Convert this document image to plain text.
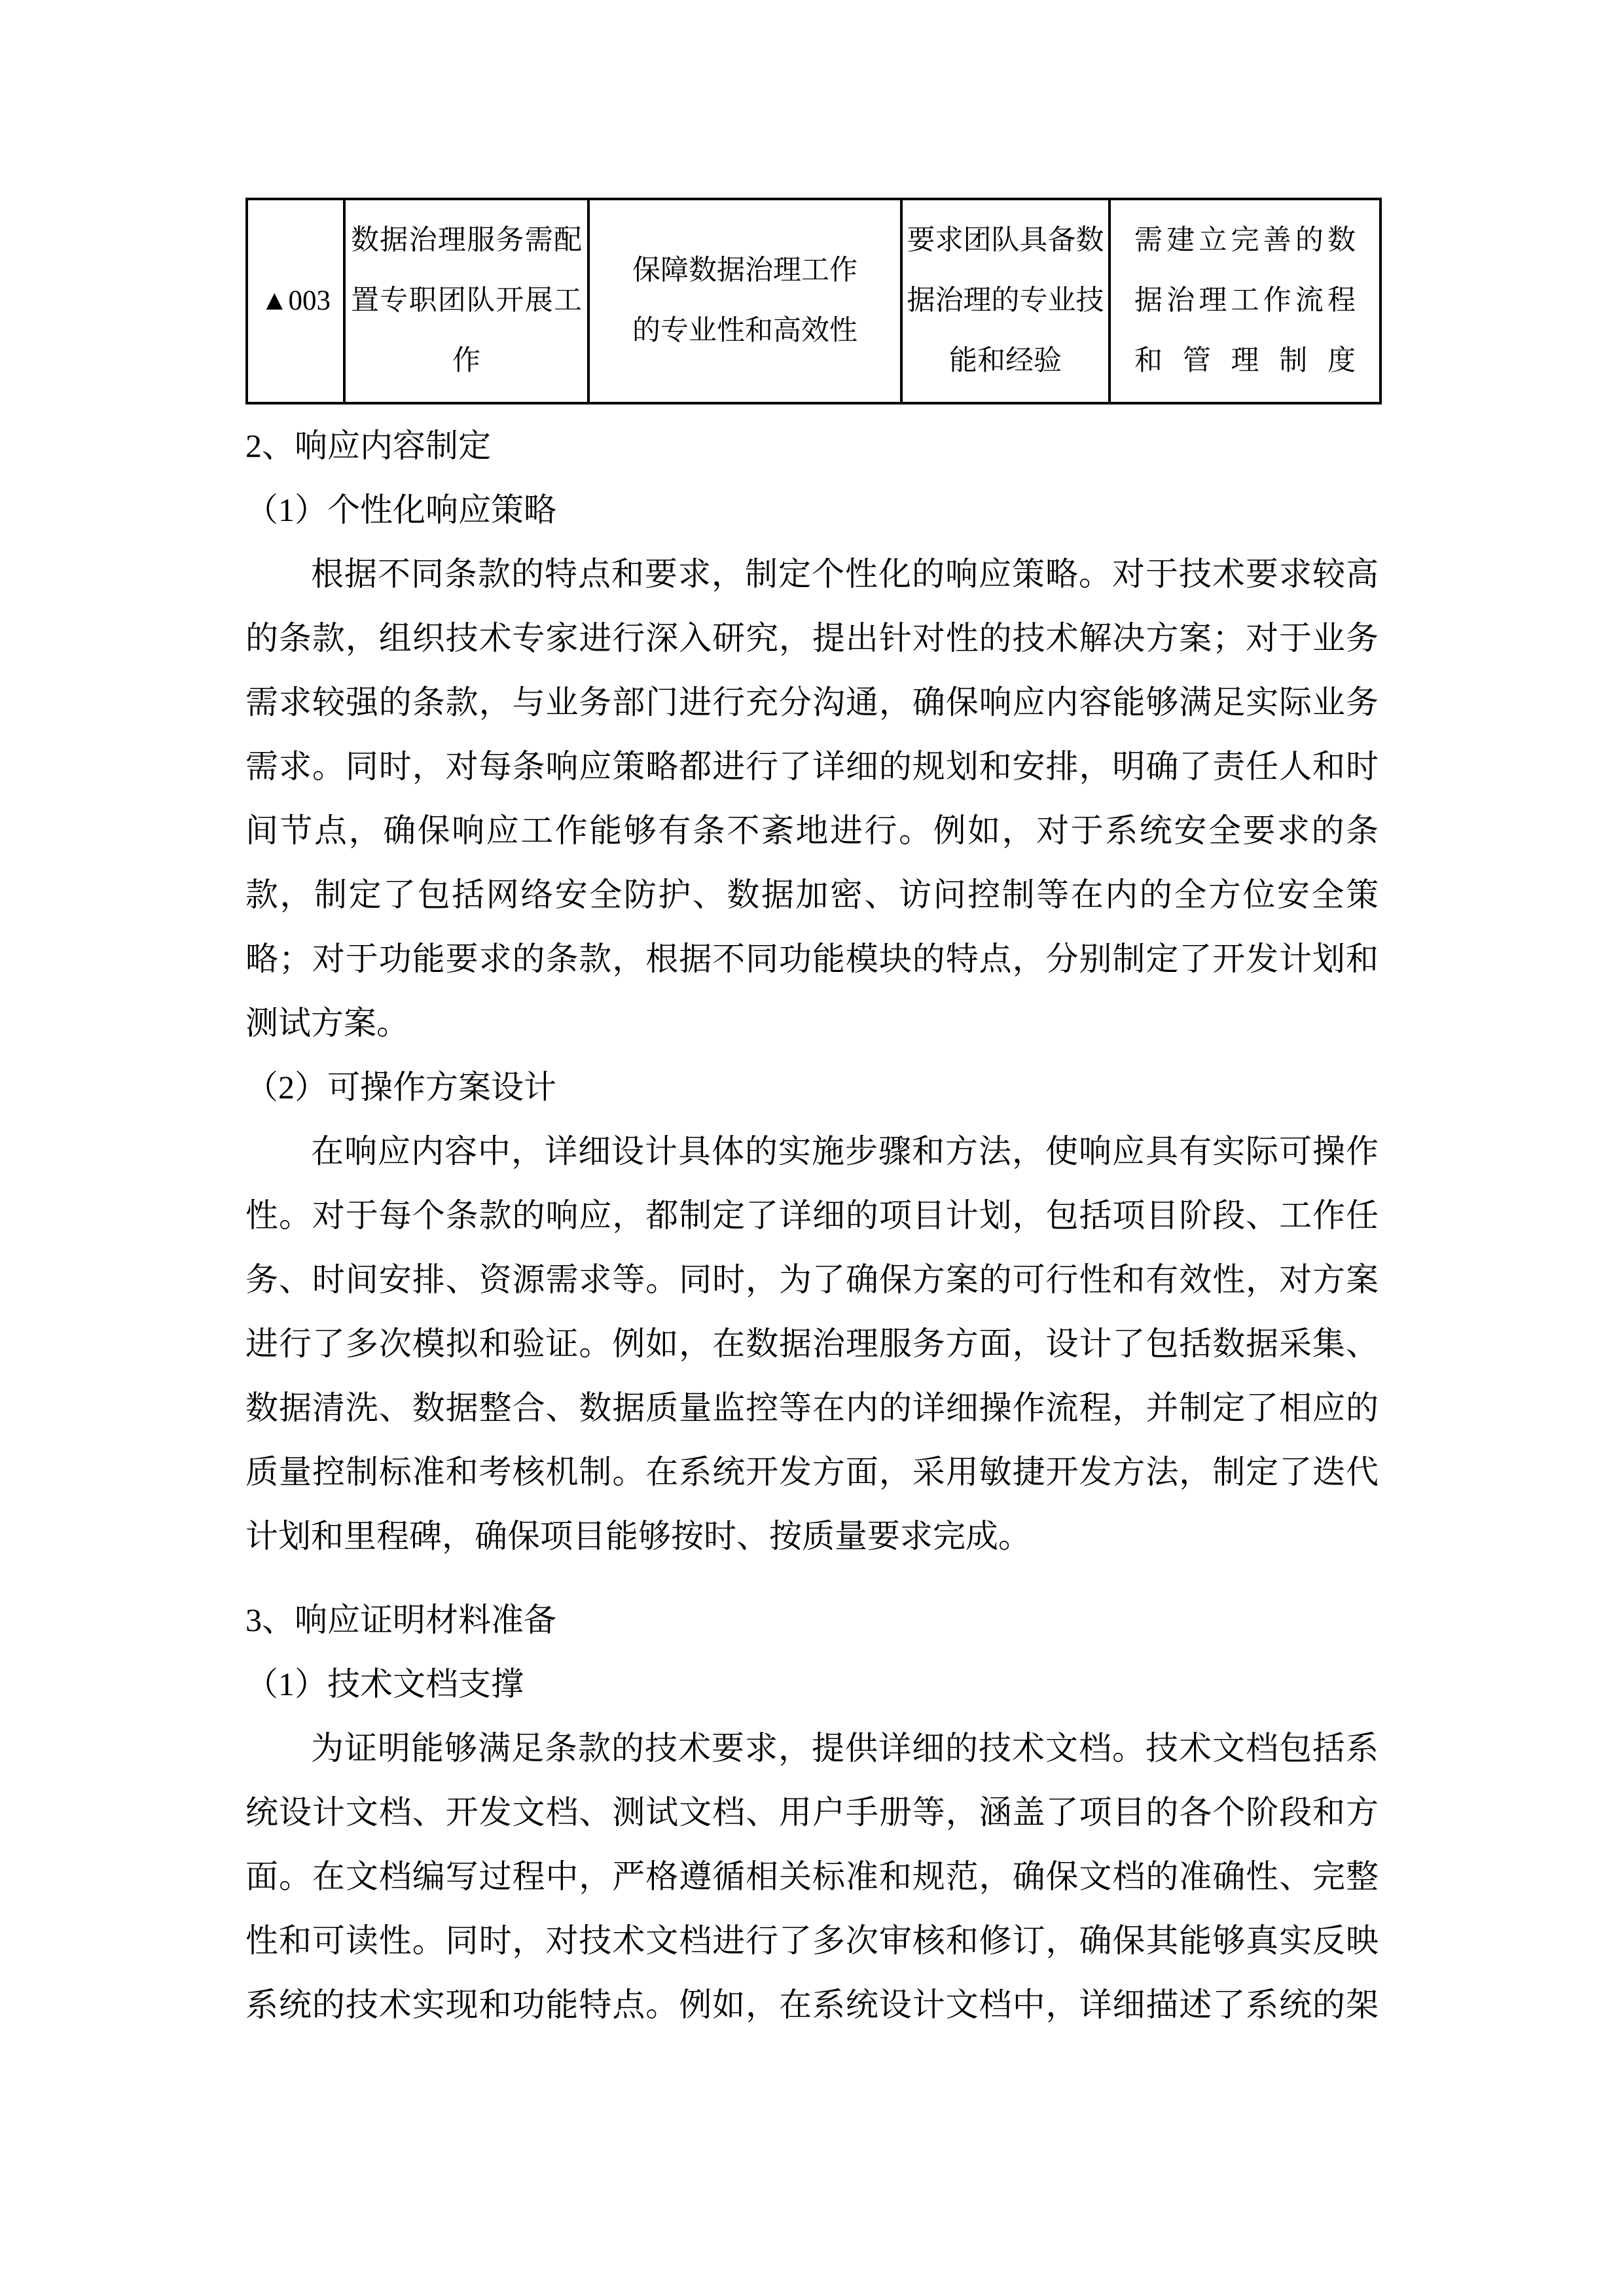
▲003	数据治理服务需配置专职团队开展工作	保障数据治理工作的专业性和高效性	要求团队具备数据治理的专业技能和经验	需建立完善的数据治理工作流程和管理制度
2、响应内容制定
（1）个性化响应策略
根据不同条款的特点和要求，制定个性化的响应策略。对于技术要求较高
的条款，组织技术专家进行深入研究，提出针对性的技术解决方案；对于业务
需求较强的条款，与业务部门进行充分沟通，确保响应内容能够满足实际业务
需求。同时，对每条响应策略都进行了详细的规划和安排，明确了责任人和时
间节点，确保响应工作能够有条不紊地进行。例如，对于系统安全要求的条
款，制定了包括网络安全防护、数据加密、访问控制等在内的全方位安全策
略；对于功能要求的条款，根据不同功能模块的特点，分别制定了开发计划和
测试方案。
（2）可操作方案设计
在响应内容中，详细设计具体的实施步骤和方法，使响应具有实际可操作
性。对于每个条款的响应，都制定了详细的项目计划，包括项目阶段、工作任
务、时间安排、资源需求等。同时，为了确保方案的可行性和有效性，对方案
进行了多次模拟和验证。例如，在数据治理服务方面，设计了包括数据采集、
数据清洗、数据整合、数据质量监控等在内的详细操作流程，并制定了相应的
质量控制标准和考核机制。在系统开发方面，采用敏捷开发方法，制定了迭代
计划和里程碑，确保项目能够按时、按质量要求完成。
3、响应证明材料准备
（1）技术文档支撑
为证明能够满足条款的技术要求，提供详细的技术文档。技术文档包括系
统设计文档、开发文档、测试文档、用户手册等，涵盖了项目的各个阶段和方
面。在文档编写过程中，严格遵循相关标准和规范，确保文档的准确性、完整
性和可读性。同时，对技术文档进行了多次审核和修订，确保其能够真实反映
系统的技术实现和功能特点。例如，在系统设计文档中，详细描述了系统的架
